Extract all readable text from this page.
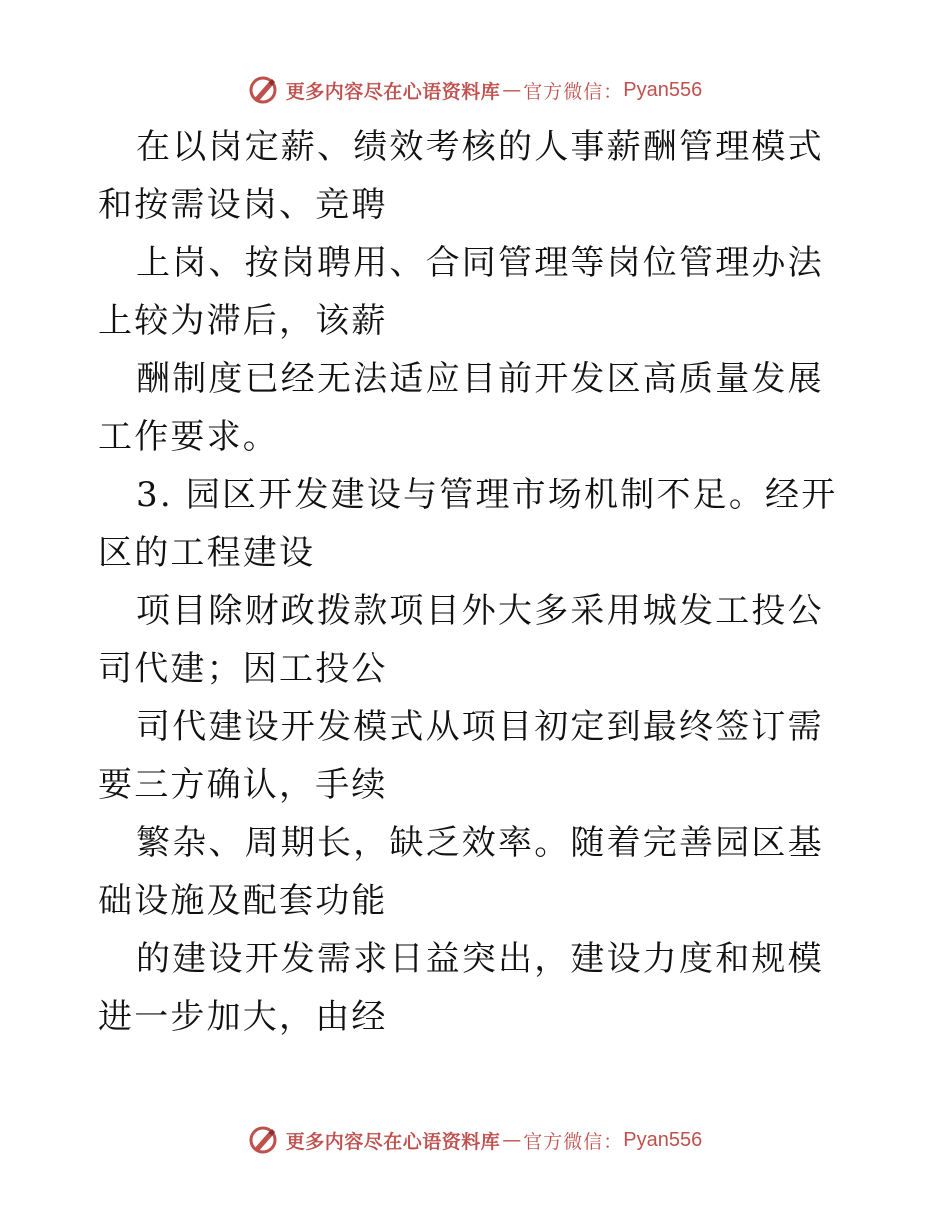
更多内容尽在心语资料库 — 官方微信： Pyan556

在以岗定薪、绩效考核的人事薪酬管理模式和按需设岗、竞聘

上岗、按岗聘用、合同管理等岗位管理办法上较为滞后，该薪

酬制度已经无法适应目前开发区高质量发展工作要求。

3. 园区开发建设与管理市场机制不足。经开区的工程建设

项目除财政拨款项目外大多采用城发工投公司代建；因工投公

司代建设开发模式从项目初定到最终签订需要三方确认，手续

繁杂、周期长，缺乏效率。随着完善园区基础设施及配套功能

的建设开发需求日益突出，建设力度和规模进一步加大，由经

更多内容尽在心语资料库 — 官方微信： Pyan556
